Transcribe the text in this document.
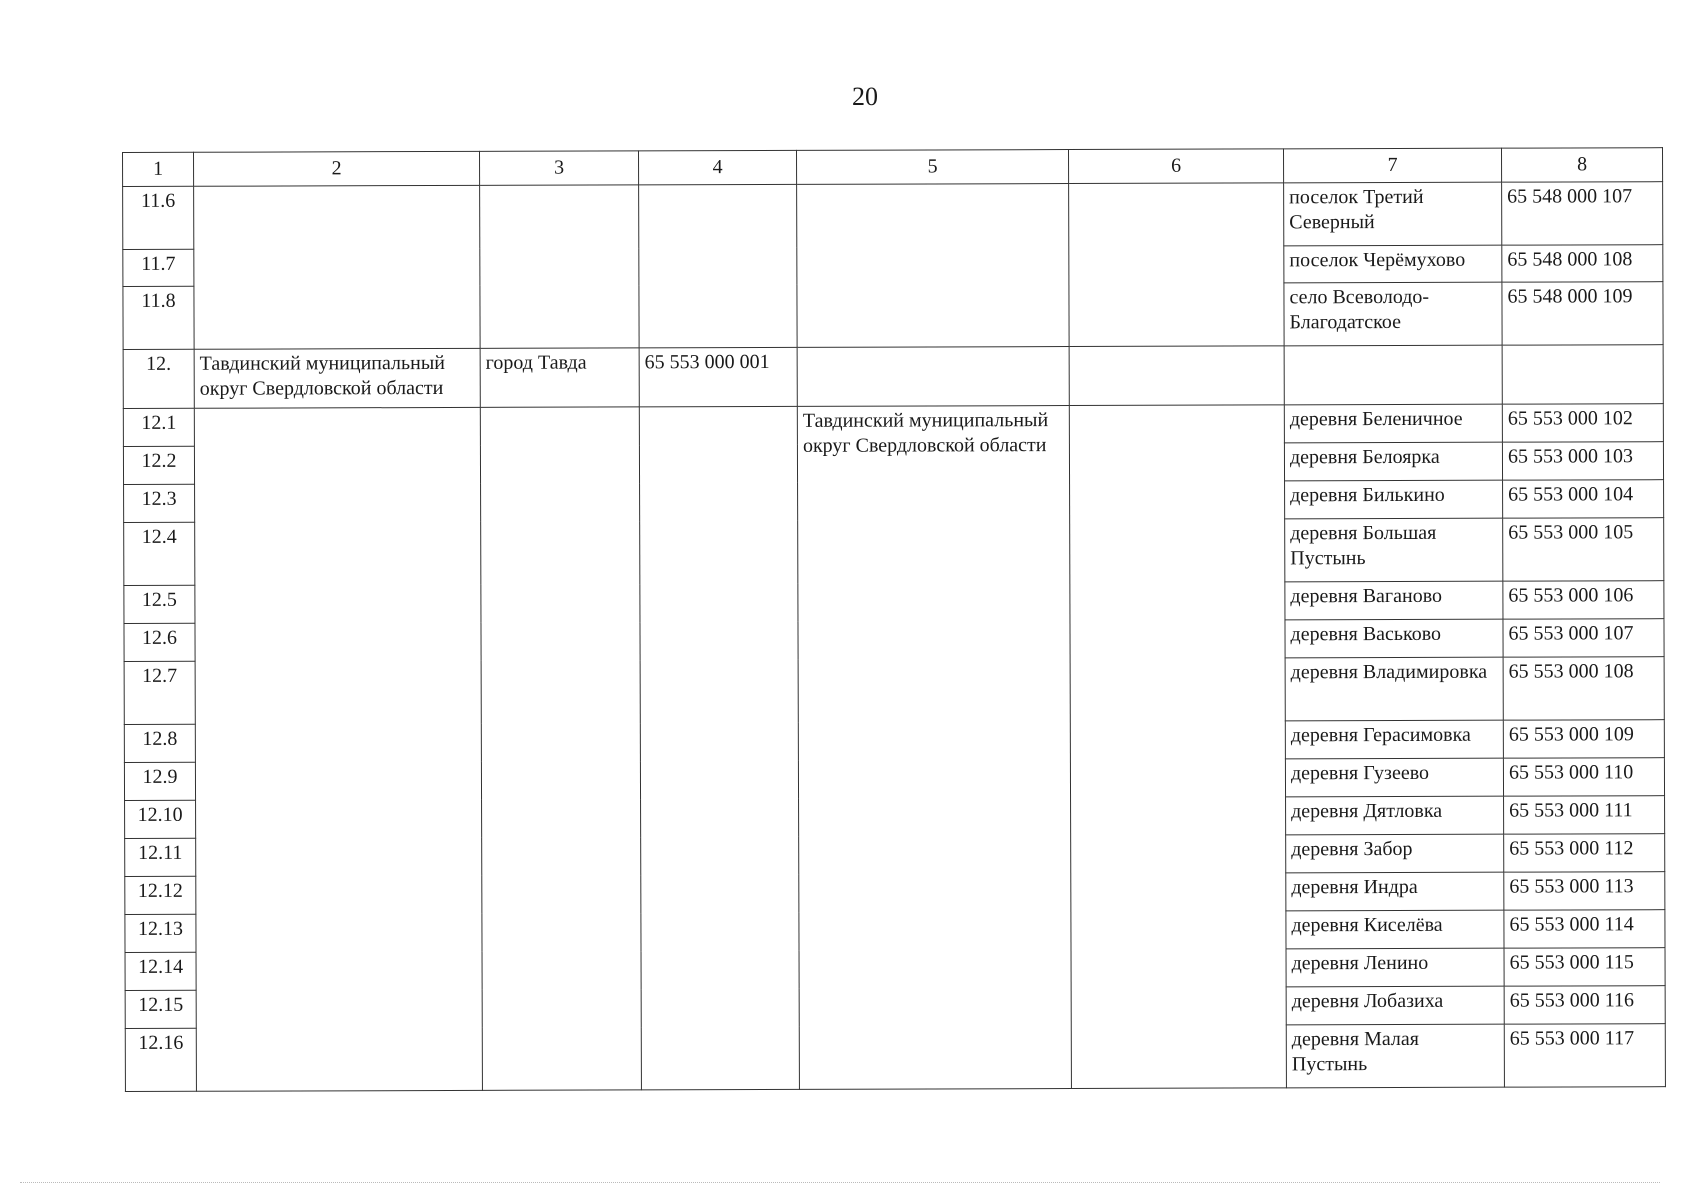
20
1	2	3	4	5	6	7	8
11.6						поселок Третий Северный	65 548 000 107
11.7						поселок Черёмухово	65 548 000 108
11.8						село Всеволодо-Благодатское	65 548 000 109
12.	Тавдинский муниципальный округ Свердловской области	город Тавда	65 553 000 001				
12.1				Тавдинский муниципальный округ Свердловской области		деревня Беленичное	65 553 000 102
12.2						деревня Белоярка	65 553 000 103
12.3						деревня Билькино	65 553 000 104
12.4						деревня Большая Пустынь	65 553 000 105
12.5						деревня Ваганово	65 553 000 106
12.6						деревня Васьково	65 553 000 107
12.7						деревня Владимировка	65 553 000 108
12.8						деревня Герасимовка	65 553 000 109
12.9						деревня Гузеево	65 553 000 110
12.10						деревня Дятловка	65 553 000 111
12.11						деревня Забор	65 553 000 112
12.12						деревня Индра	65 553 000 113
12.13						деревня Киселёва	65 553 000 114
12.14						деревня Ленино	65 553 000 115
12.15						деревня Лобазиха	65 553 000 116
12.16						деревня Малая Пустынь	65 553 000 117
